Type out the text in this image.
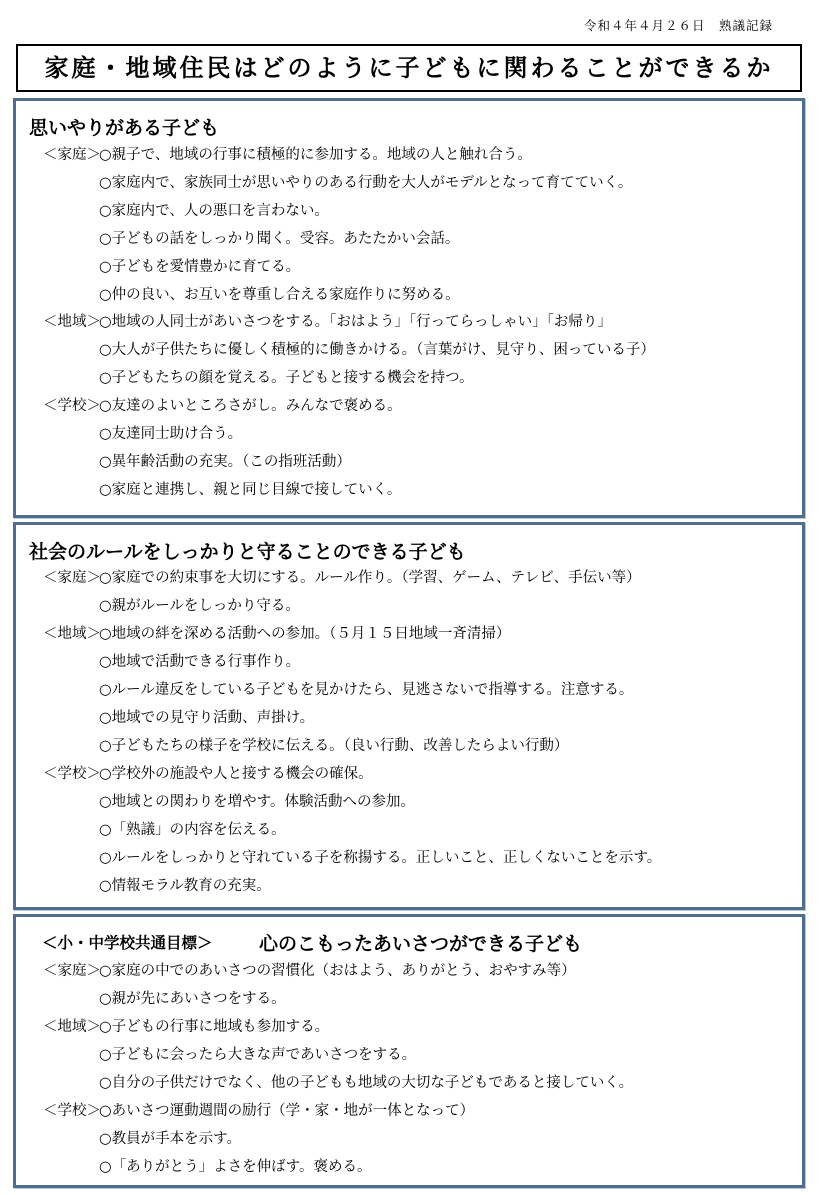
令和４年４月２６日　熟議記録
家庭・地域住民はどのように子どもに関わることができるか
思いやりがある子ども
＜家庭＞
○親子で、地域の行事に積極的に参加する。地域の人と触れ合う。
○家庭内で、家族同士が思いやりのある行動を大人がモデルとなって育てていく。
○家庭内で、人の悪口を言わない。
○子どもの話をしっかり聞く。受容。あたたかい会話。
○子どもを愛情豊かに育てる。
○仲の良い、お互いを尊重し合える家庭作りに努める。
＜地域＞
○地域の人同士があいさつをする。「おはよう」「行ってらっしゃい」「お帰り」
○大人が子供たちに優しく積極的に働きかける。（言葉がけ、見守り、困っている子）
○子どもたちの顔を覚える。子どもと接する機会を持つ。
＜学校＞
○友達のよいところさがし。みんなで褒める。
○友達同士助け合う。
○異年齢活動の充実。（この指班活動）
○家庭と連携し、親と同じ目線で接していく。
社会のルールをしっかりと守ることのできる子ども
＜家庭＞
○家庭での約束事を大切にする。ルール作り。（学習、ゲーム、テレビ、手伝い等）
○親がルールをしっかり守る。
＜地域＞
○地域の絆を深める活動への参加。（５月１５日地域一斉清掃）
○地域で活動できる行事作り。
○ルール違反をしている子どもを見かけたら、見逃さないで指導する。注意する。
○地域での見守り活動、声掛け。
○子どもたちの様子を学校に伝える。（良い行動、改善したらよい行動）
＜学校＞
○学校外の施設や人と接する機会の確保。
○地域との関わりを増やす。体験活動への参加。
○「熟議」の内容を伝える。
○ルールをしっかりと守れている子を称揚する。正しいこと、正しくないことを示す。
○情報モラル教育の充実。
＜小・中学校共通目標＞ 心のこもったあいさつができる子ども
＜家庭＞
○家庭の中でのあいさつの習慣化（おはよう、ありがとう、おやすみ等）
○親が先にあいさつをする。
＜地域＞
○子どもの行事に地域も参加する。
○子どもに会ったら大きな声であいさつをする。
○自分の子供だけでなく、他の子どもも地域の大切な子どもであると接していく。
＜学校＞
○あいさつ運動週間の励行（学・家・地が一体となって）
○教員が手本を示す。
○「ありがとう」よさを伸ばす。褒める。
